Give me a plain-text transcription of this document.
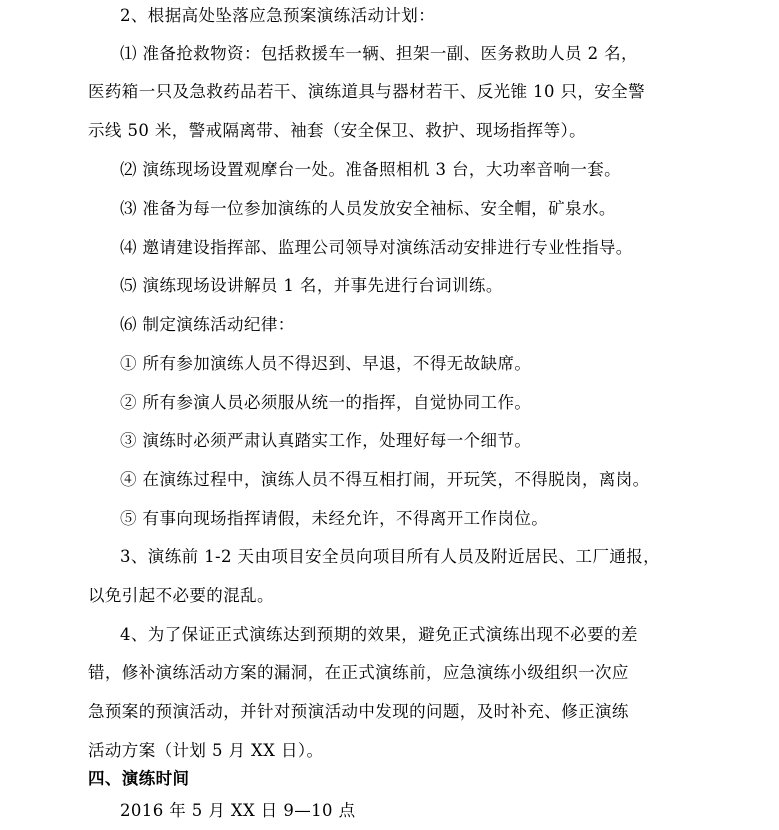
2、根据高处坠落应急预案演练活动计划：
⑴ 准备抢救物资：包括救援车一辆、担架一副、医务救助人员 2 名，
医药箱一只及急救药品若干、演练道具与器材若干、反光锥 10 只，安全警
示线 50 米，警戒隔离带、袖套（安全保卫、救护、现场指挥等）。
⑵ 演练现场设置观摩台一处。准备照相机 3 台，大功率音响一套。
⑶ 准备为每一位参加演练的人员发放安全袖标、安全帽，矿泉水。
⑷ 邀请建设指挥部、监理公司领导对演练活动安排进行专业性指导。
⑸ 演练现场设讲解员 1 名，并事先进行台词训练。
⑹ 制定演练活动纪律：
① 所有参加演练人员不得迟到、早退，不得无故缺席。
② 所有参演人员必须服从统一的指挥，自觉协同工作。
③ 演练时必须严肃认真踏实工作，处理好每一个细节。
④ 在演练过程中，演练人员不得互相打闹，开玩笑，不得脱岗，离岗。
⑤ 有事向现场指挥请假，未经允许，不得离开工作岗位。
3、演练前 1-2 天由项目安全员向项目所有人员及附近居民、工厂通报，
以免引起不必要的混乱。
4、为了保证正式演练达到预期的效果，避免正式演练出现不必要的差
错，修补演练活动方案的漏洞，在正式演练前，应急演练小级组织一次应
急预案的预演活动，并针对预演活动中发现的问题，及时补充、修正演练
活动方案（计划 5 月 XX 日）。
四、演练时间
2016 年 5 月 XX 日 9—10 点
